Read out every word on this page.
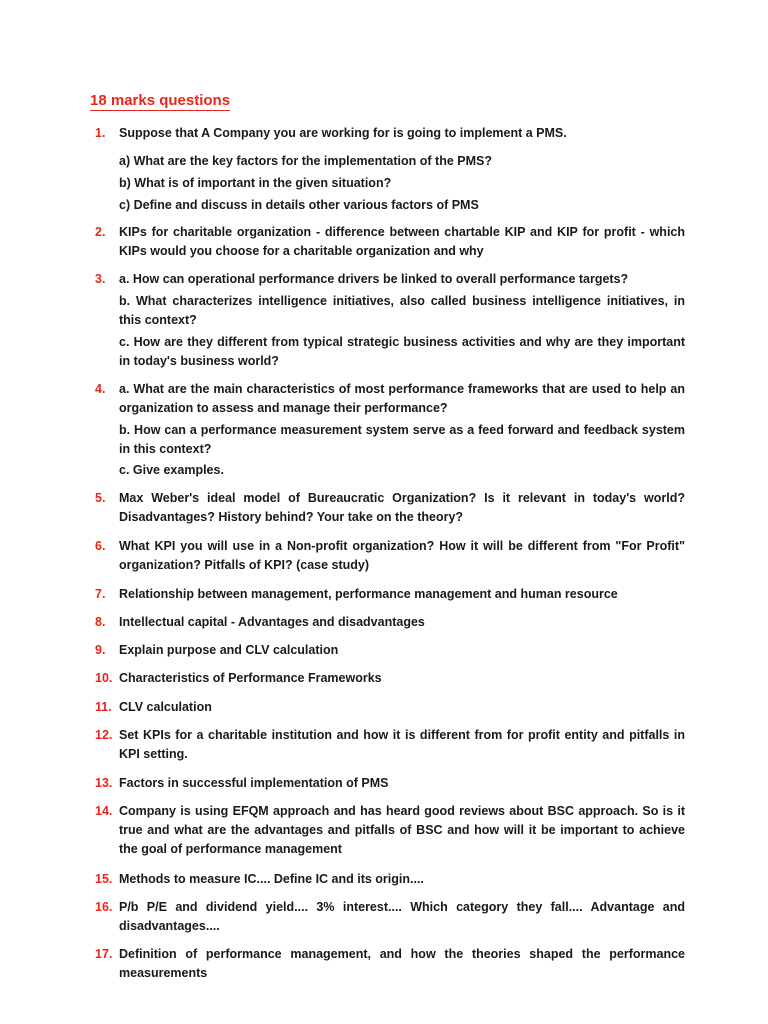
18 marks questions
1. Suppose that A Company you are working for is going to implement a PMS.
a) What are the key factors for the implementation of the PMS?
b) What is of important in the given situation?
c) Define and discuss in details other various factors of PMS
2. KIPs for charitable organization - difference between chartable KIP and KIP for profit - which KIPs would you choose for a charitable organization and why
3. a. How can operational performance drivers be linked to overall performance targets?
b. What characterizes intelligence initiatives, also called business intelligence initiatives, in this context?
c. How are they different from typical strategic business activities and why are they important in today's business world?
4. a. What are the main characteristics of most performance frameworks that are used to help an organization to assess and manage their performance?
b. How can a performance measurement system serve as a feed forward and feedback system in this context?
c. Give examples.
5. Max Weber's ideal model of Bureaucratic Organization? Is it relevant in today's world? Disadvantages? History behind? Your take on the theory?
6. What KPI you will use in a Non-profit organization? How it will be different from "For Profit" organization? Pitfalls of KPI? (case study)
7. Relationship between management, performance management and human resource
8. Intellectual capital - Advantages and disadvantages
9. Explain purpose and CLV calculation
10. Characteristics of Performance Frameworks
11. CLV calculation
12. Set KPIs for a charitable institution and how it is different from for profit entity and pitfalls in KPI setting.
13. Factors in successful implementation of PMS
14. Company is using EFQM approach and has heard good reviews about BSC approach. So is it true and what are the advantages and pitfalls of BSC and how will it be important to achieve the goal of performance management
15. Methods to measure IC.... Define IC and its origin....
16. P/b P/E and dividend yield.... 3% interest.... Which category they fall.... Advantage and disadvantages....
17. Definition of performance management, and how the theories shaped the performance measurements
